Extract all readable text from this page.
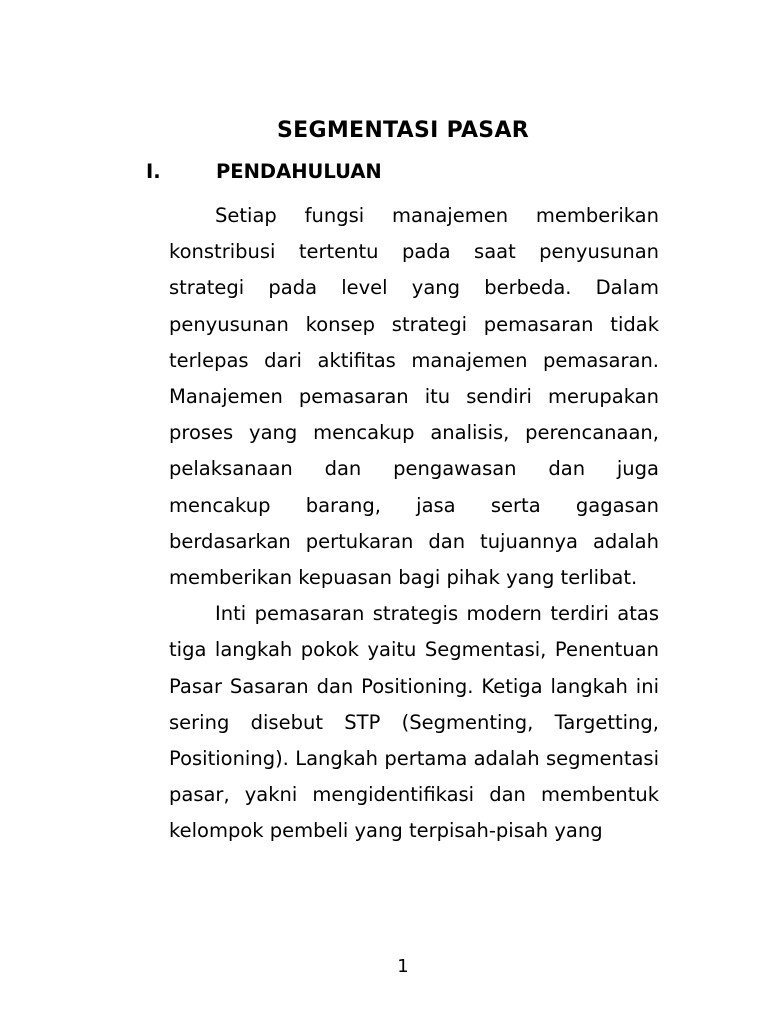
SEGMENTASI PASAR
I.	PENDAHULUAN

Setiap fungsi manajemen memberikan konstribusi tertentu pada saat penyusunan strategi pada level yang berbeda. Dalam penyusunan konsep strategi pemasaran tidak terlepas dari aktifitas manajemen pemasaran. Manajemen pemasaran itu sendiri merupakan proses yang mencakup analisis, perencanaan, pelaksanaan dan pengawasan dan juga mencakup barang, jasa serta gagasan berdasarkan pertukaran dan tujuannya adalah memberikan kepuasan bagi pihak yang terlibat.

Inti pemasaran strategis modern terdiri atas tiga langkah pokok yaitu Segmentasi, Penentuan Pasar Sasaran dan Positioning. Ketiga langkah ini sering disebut STP (Segmenting, Targetting, Positioning). Langkah pertama adalah segmentasi pasar, yakni mengidentifikasi dan membentuk kelompok pembeli yang terpisah-pisah yang

1
